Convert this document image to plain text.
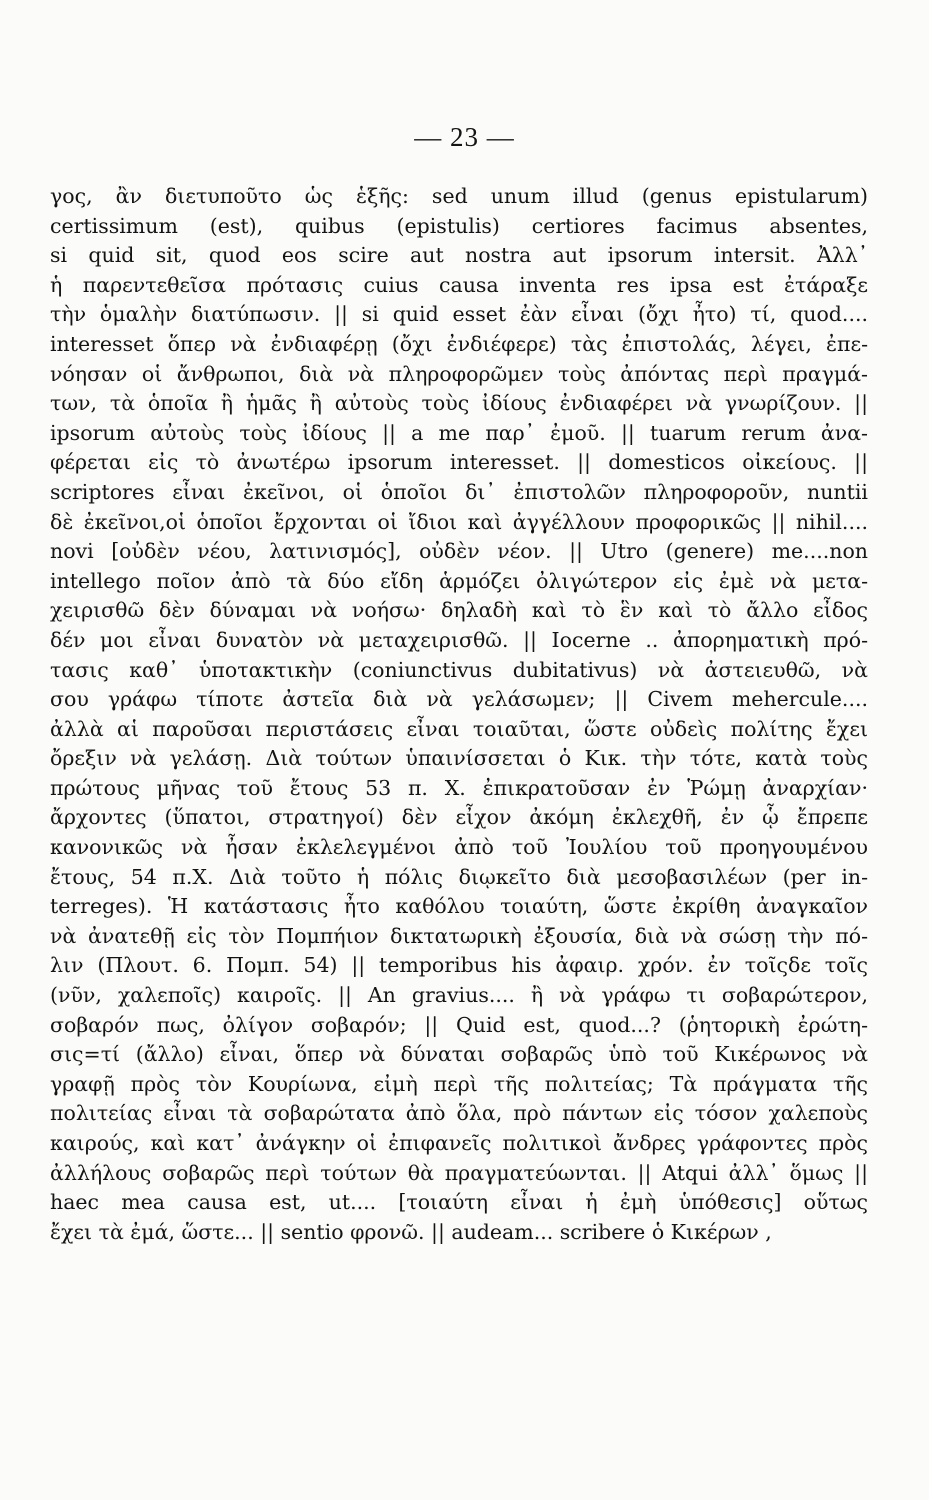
— 23 —
γος, ἂν διετυποῦτο ὡς ἑξῆς: sed unum illud (genus epistularum)
certissimum (est), quibus (epistulis) certiores facimus absentes,
si quid sit, quod eos scire aut nostra aut ipsorum intersit. Ἀλλ᾽
ἡ παρεντεθεῖσα πρότασις cuius causa inventa res ipsa est ἐτάραξε
τὴν ὁμαλὴν διατύπωσιν. || si quid esset ἐὰν εἶναι (ὄχι ἦτο) τί, quod....
interesset ὅπερ νὰ ἐνδιαφέρῃ (ὄχι ἐνδιέφερε) τὰς ἐπιστολάς, λέγει, ἐπε-
νόησαν οἱ ἄνθρωποι, διὰ νὰ πληροφορῶμεν τοὺς ἀπόντας περὶ πραγμά-
των, τὰ ὁποῖα ἢ ἡμᾶς ἢ αὐτοὺς τοὺς ἰδίους ἐνδιαφέρει νὰ γνωρίζουν. ||
ipsorum αὐτοὺς τοὺς ἰδίους || a me παρ᾽ ἐμοῦ. || tuarum rerum ἀνα-
φέρεται εἰς τὸ ἀνωτέρω ipsorum interesset. || domesticos οἰκείους. ||
scriptores εἶναι ἐκεῖνοι, οἱ ὁποῖοι δι᾽ ἐπιστολῶν πληροφοροῦν, nuntii
δὲ ἐκεῖνοι,οἱ ὁποῖοι ἔρχονται οἱ ἴδιοι καὶ ἀγγέλλουν προφορικῶς || nihil....
novi [οὐδὲν νέου, λατινισμός], οὐδὲν νέον. || Utro (genere) me....non
intellego ποῖον ἀπὸ τὰ δύο εἴδη ἁρμόζει ὀλιγώτερον εἰς ἐμὲ νὰ μετα-
χειρισθῶ δὲν δύναμαι νὰ νοήσω· δηλαδὴ καὶ τὸ ἓν καὶ τὸ ἄλλο εἶδος
δέν μοι εἶναι δυνατὸν νὰ μεταχειρισθῶ. || Iocerne .. ἀπορηματικὴ πρό-
τασις καθ᾽ ὑποτακτικὴν (coniunctivus dubitativus) νὰ ἀστειευθῶ, νὰ
σου γράφω τίποτε ἀστεῖα διὰ νὰ γελάσωμεν; || Civem mehercule....
ἀλλὰ αἱ παροῦσαι περιστάσεις εἶναι τοιαῦται, ὥστε οὐδεὶς πολίτης ἔχει
ὄρεξιν νὰ γελάσῃ. Διὰ τούτων ὑπαινίσσεται ὁ Κικ. τὴν τότε, κατὰ τοὺς
πρώτους μῆνας τοῦ ἔτους 53 π. Χ. ἐπικρατοῦσαν ἐν Ῥώμῃ ἀναρχίαν·
ἄρχοντες (ὕπατοι, στρατηγοί) δὲν εἶχον ἀκόμη ἐκλεχθῆ, ἐν ᾧ ἔπρεπε
κανονικῶς νὰ ἦσαν ἐκλελεγμένοι ἀπὸ τοῦ Ἰουλίου τοῦ προηγουμένου
ἔτους, 54 π.Χ. Διὰ τοῦτο ἡ πόλις διῳκεῖτο διὰ μεσοβασιλέων (per in-
terreges). Ἡ κατάστασις ἦτο καθόλου τοιαύτη, ὥστε ἐκρίθη ἀναγκαῖον
νὰ ἀνατεθῇ εἰς τὸν Πομπήιον δικτατωρικὴ ἐξουσία, διὰ νὰ σώσῃ τὴν πό-
λιν (Πλουτ. 6. Πομπ. 54) || temporibus his ἀφαιρ. χρόν. ἐν τοῖςδε τοῖς
(νῦν, χαλεποῖς) καιροῖς. || An gravius.... ἢ νὰ γράφω τι σοβαρώτερον,
σοβαρόν πως, ὀλίγον σοβαρόν; || Quid est, quod...? (ῥητορικὴ ἐρώτη-
σις=τί (ἄλλο) εἶναι, ὅπερ νὰ δύναται σοβαρῶς ὑπὸ τοῦ Κικέρωνος νὰ
γραφῇ πρὸς τὸν Κουρίωνα, εἰμὴ περὶ τῆς πολιτείας; Τὰ πράγματα τῆς
πολιτείας εἶναι τὰ σοβαρώτατα ἀπὸ ὅλα, πρὸ πάντων εἰς τόσον χαλεποὺς
καιρούς, καὶ κατ᾽ ἀνάγκην οἱ ἐπιφανεῖς πολιτικοὶ ἄνδρες γράφοντες πρὸς
ἀλλήλους σοβαρῶς περὶ τούτων θὰ πραγματεύωνται. || Atqui ἀλλ᾽ ὅμως ||
haec mea causa est, ut.... [τοιαύτη εἶναι ἡ ἐμὴ ὑπόθεσις] οὕτως
ἔχει τὰ ἐμά, ὥστε... || sentio φρονῶ. || audeam... scribere ὁ Κικέρων ,
